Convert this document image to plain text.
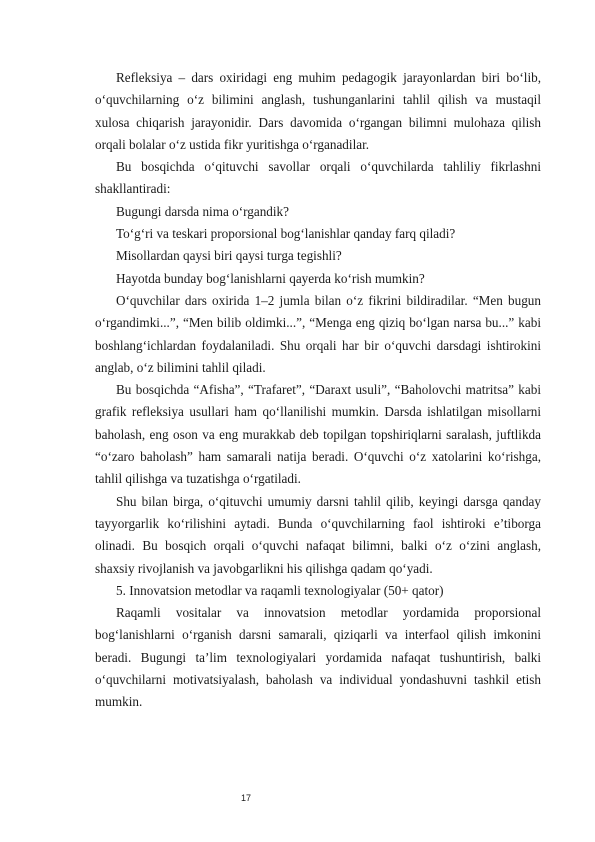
Refleksiya – dars oxiridagi eng muhim pedagogik jarayonlardan biri bo‘lib, o‘quvchilarning o‘z bilimini anglash, tushunganlarini tahlil qilish va mustaqil xulosa chiqarish jarayonidir. Dars davomida o‘rgangan bilimni mulohaza qilish orqali bolalar o‘z ustida fikr yuritishga o‘rganadilar.

Bu bosqichda o‘qituvchi savollar orqali o‘quvchilarda tahliliy fikrlashni shakllantiradi:

Bugungi darsda nima o‘rgandik?

To‘g‘ri va teskari proporsional bog‘lanishlar qanday farq qiladi?

Misollardan qaysi biri qaysi turga tegishli?

Hayotda bunday bog‘lanishlarni qayerda ko‘rish mumkin?

O‘quvchilar dars oxirida 1–2 jumla bilan o‘z fikrini bildiradilar. “Men bugun o‘rgandimki...”, “Men bilib oldimki...”, “Menga eng qiziq bo‘lgan narsa bu...” kabi boshlang‘ichlardan foydalaniladi. Shu orqali har bir o‘quvchi darsdagi ishtirokini anglab, o‘z bilimini tahlil qiladi.

Bu bosqichda “Afisha”, “Trafaret”, “Daraxt usuli”, “Baholovchi matritsa” kabi grafik refleksiya usullari ham qo‘llanilishi mumkin. Darsda ishlatilgan misollarni baholash, eng oson va eng murakkab deb topilgan topshiriqlarni saralash, juftlikda “o‘zaro baholash” ham samarali natija beradi. O‘quvchi o‘z xatolarini ko‘rishga, tahlil qilishga va tuzatishga o‘rgatiladi.

Shu bilan birga, o‘qituvchi umumiy darsni tahlil qilib, keyingi darsga qanday tayyorgarlik ko‘rilishini aytadi. Bunda o‘quvchilarning faol ishtiroki e’tiborga olinadi. Bu bosqich orqali o‘quvchi nafaqat bilimni, balki o‘z o‘zini anglash, shaxsiy rivojlanish va javobgarlikni his qilishga qadam qo‘yadi.

5. Innovatsion metodlar va raqamli texnologiyalar (50+ qator)

Raqamli vositalar va innovatsion metodlar yordamida proporsional bog‘lanishlarni o‘rganish darsni samarali, qiziqarli va interfaol qilish imkonini beradi. Bugungi ta’lim texnologiyalari yordamida nafaqat tushuntirish, balki o‘quvchilarni motivatsiyalash, baholash va individual yondashuvni tashkil etish mumkin.

17
